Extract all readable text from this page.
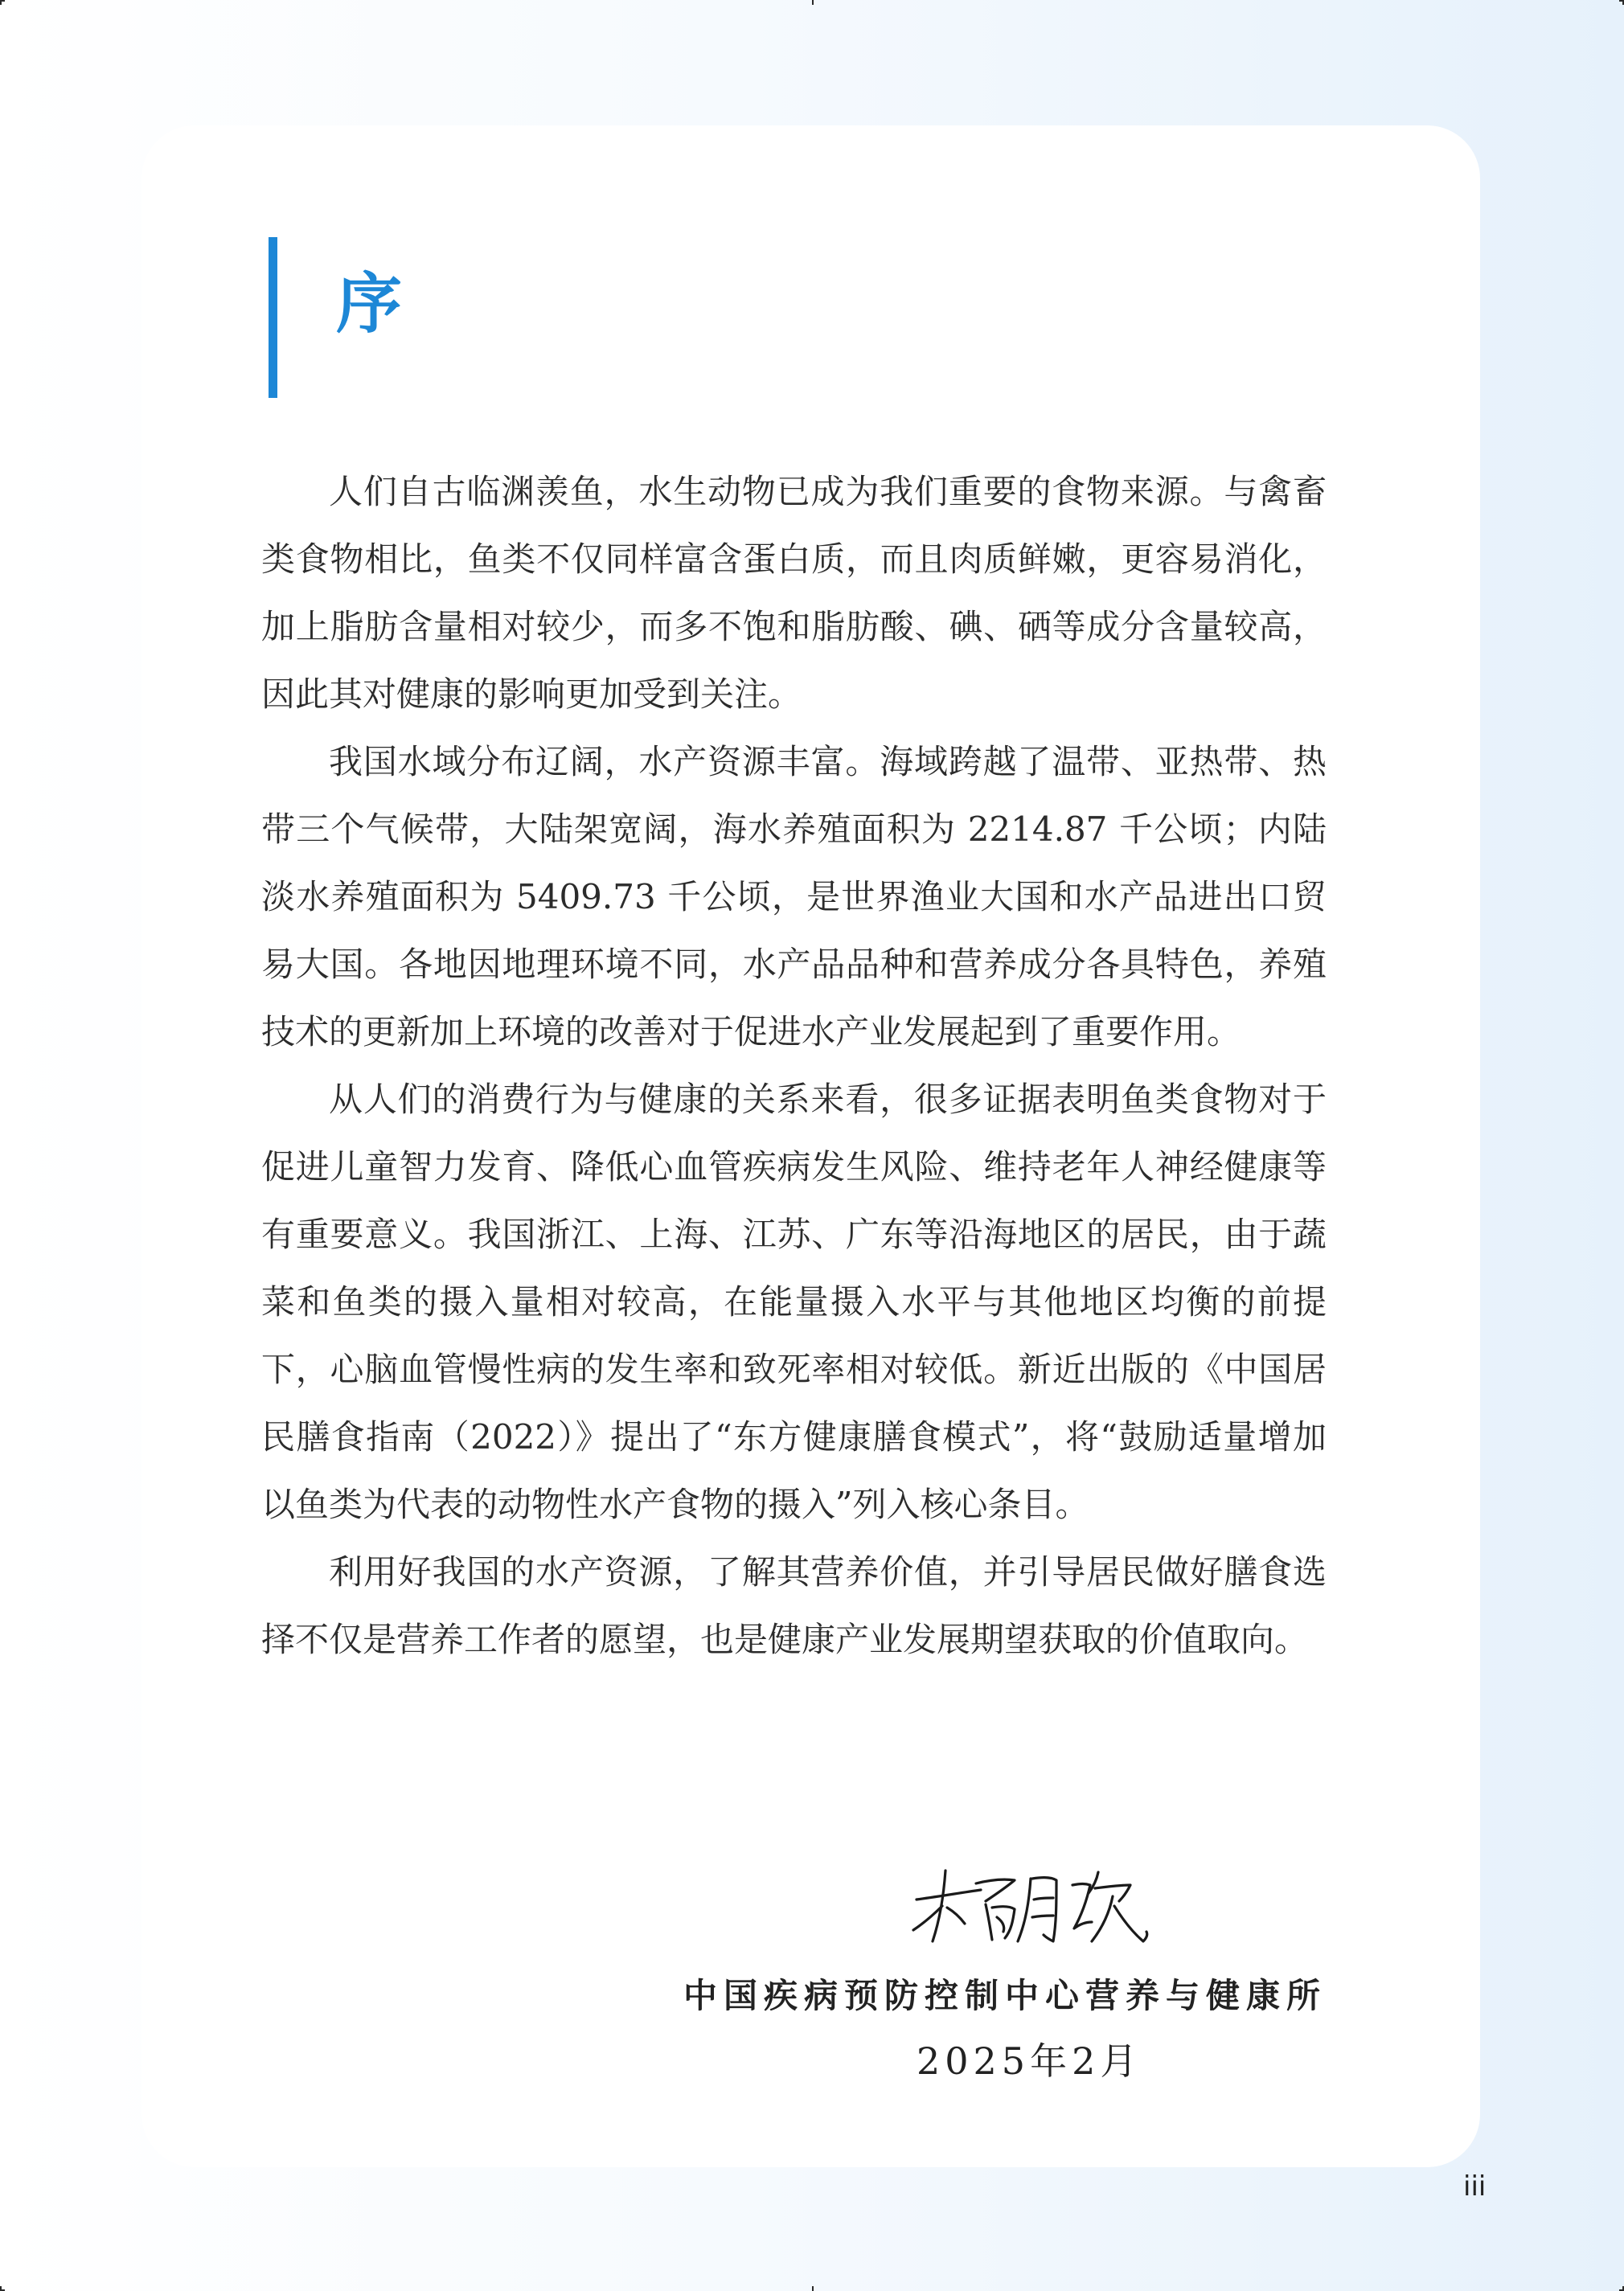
序

人们自古临渊羡鱼，水生动物已成为我们重要的食物来源。与禽畜类食物相比，鱼类不仅同样富含蛋白质，而且肉质鲜嫩，更容易消化，加上脂肪含量相对较少，而多不饱和脂肪酸、碘、硒等成分含量较高，因此其对健康的影响更加受到关注。

我国水域分布辽阔，水产资源丰富。海域跨越了温带、亚热带、热带三个气候带，大陆架宽阔，海水养殖面积为 2214.87 千公顷；内陆淡水养殖面积为 5409.73 千公顷，是世界渔业大国和水产品进出口贸易大国。各地因地理环境不同，水产品品种和营养成分各具特色，养殖技术的更新加上环境的改善对于促进水产业发展起到了重要作用。

从人们的消费行为与健康的关系来看，很多证据表明鱼类食物对于促进儿童智力发育、降低心血管疾病发生风险、维持老年人神经健康等有重要意义。我国浙江、上海、江苏、广东等沿海地区的居民，由于蔬菜和鱼类的摄入量相对较高，在能量摄入水平与其他地区均衡的前提下，心脑血管慢性病的发生率和致死率相对较低。新近出版的《中国居民膳食指南（2022）》提出了“东方健康膳食模式”，将“鼓励适量增加以鱼类为代表的动物性水产食物的摄入”列入核心条目。

利用好我国的水产资源，了解其营养价值，并引导居民做好膳食选择不仅是营养工作者的愿望，也是健康产业发展期望获取的价值取向。

中国疾病预防控制中心营养与健康所
2025年2月
iii
